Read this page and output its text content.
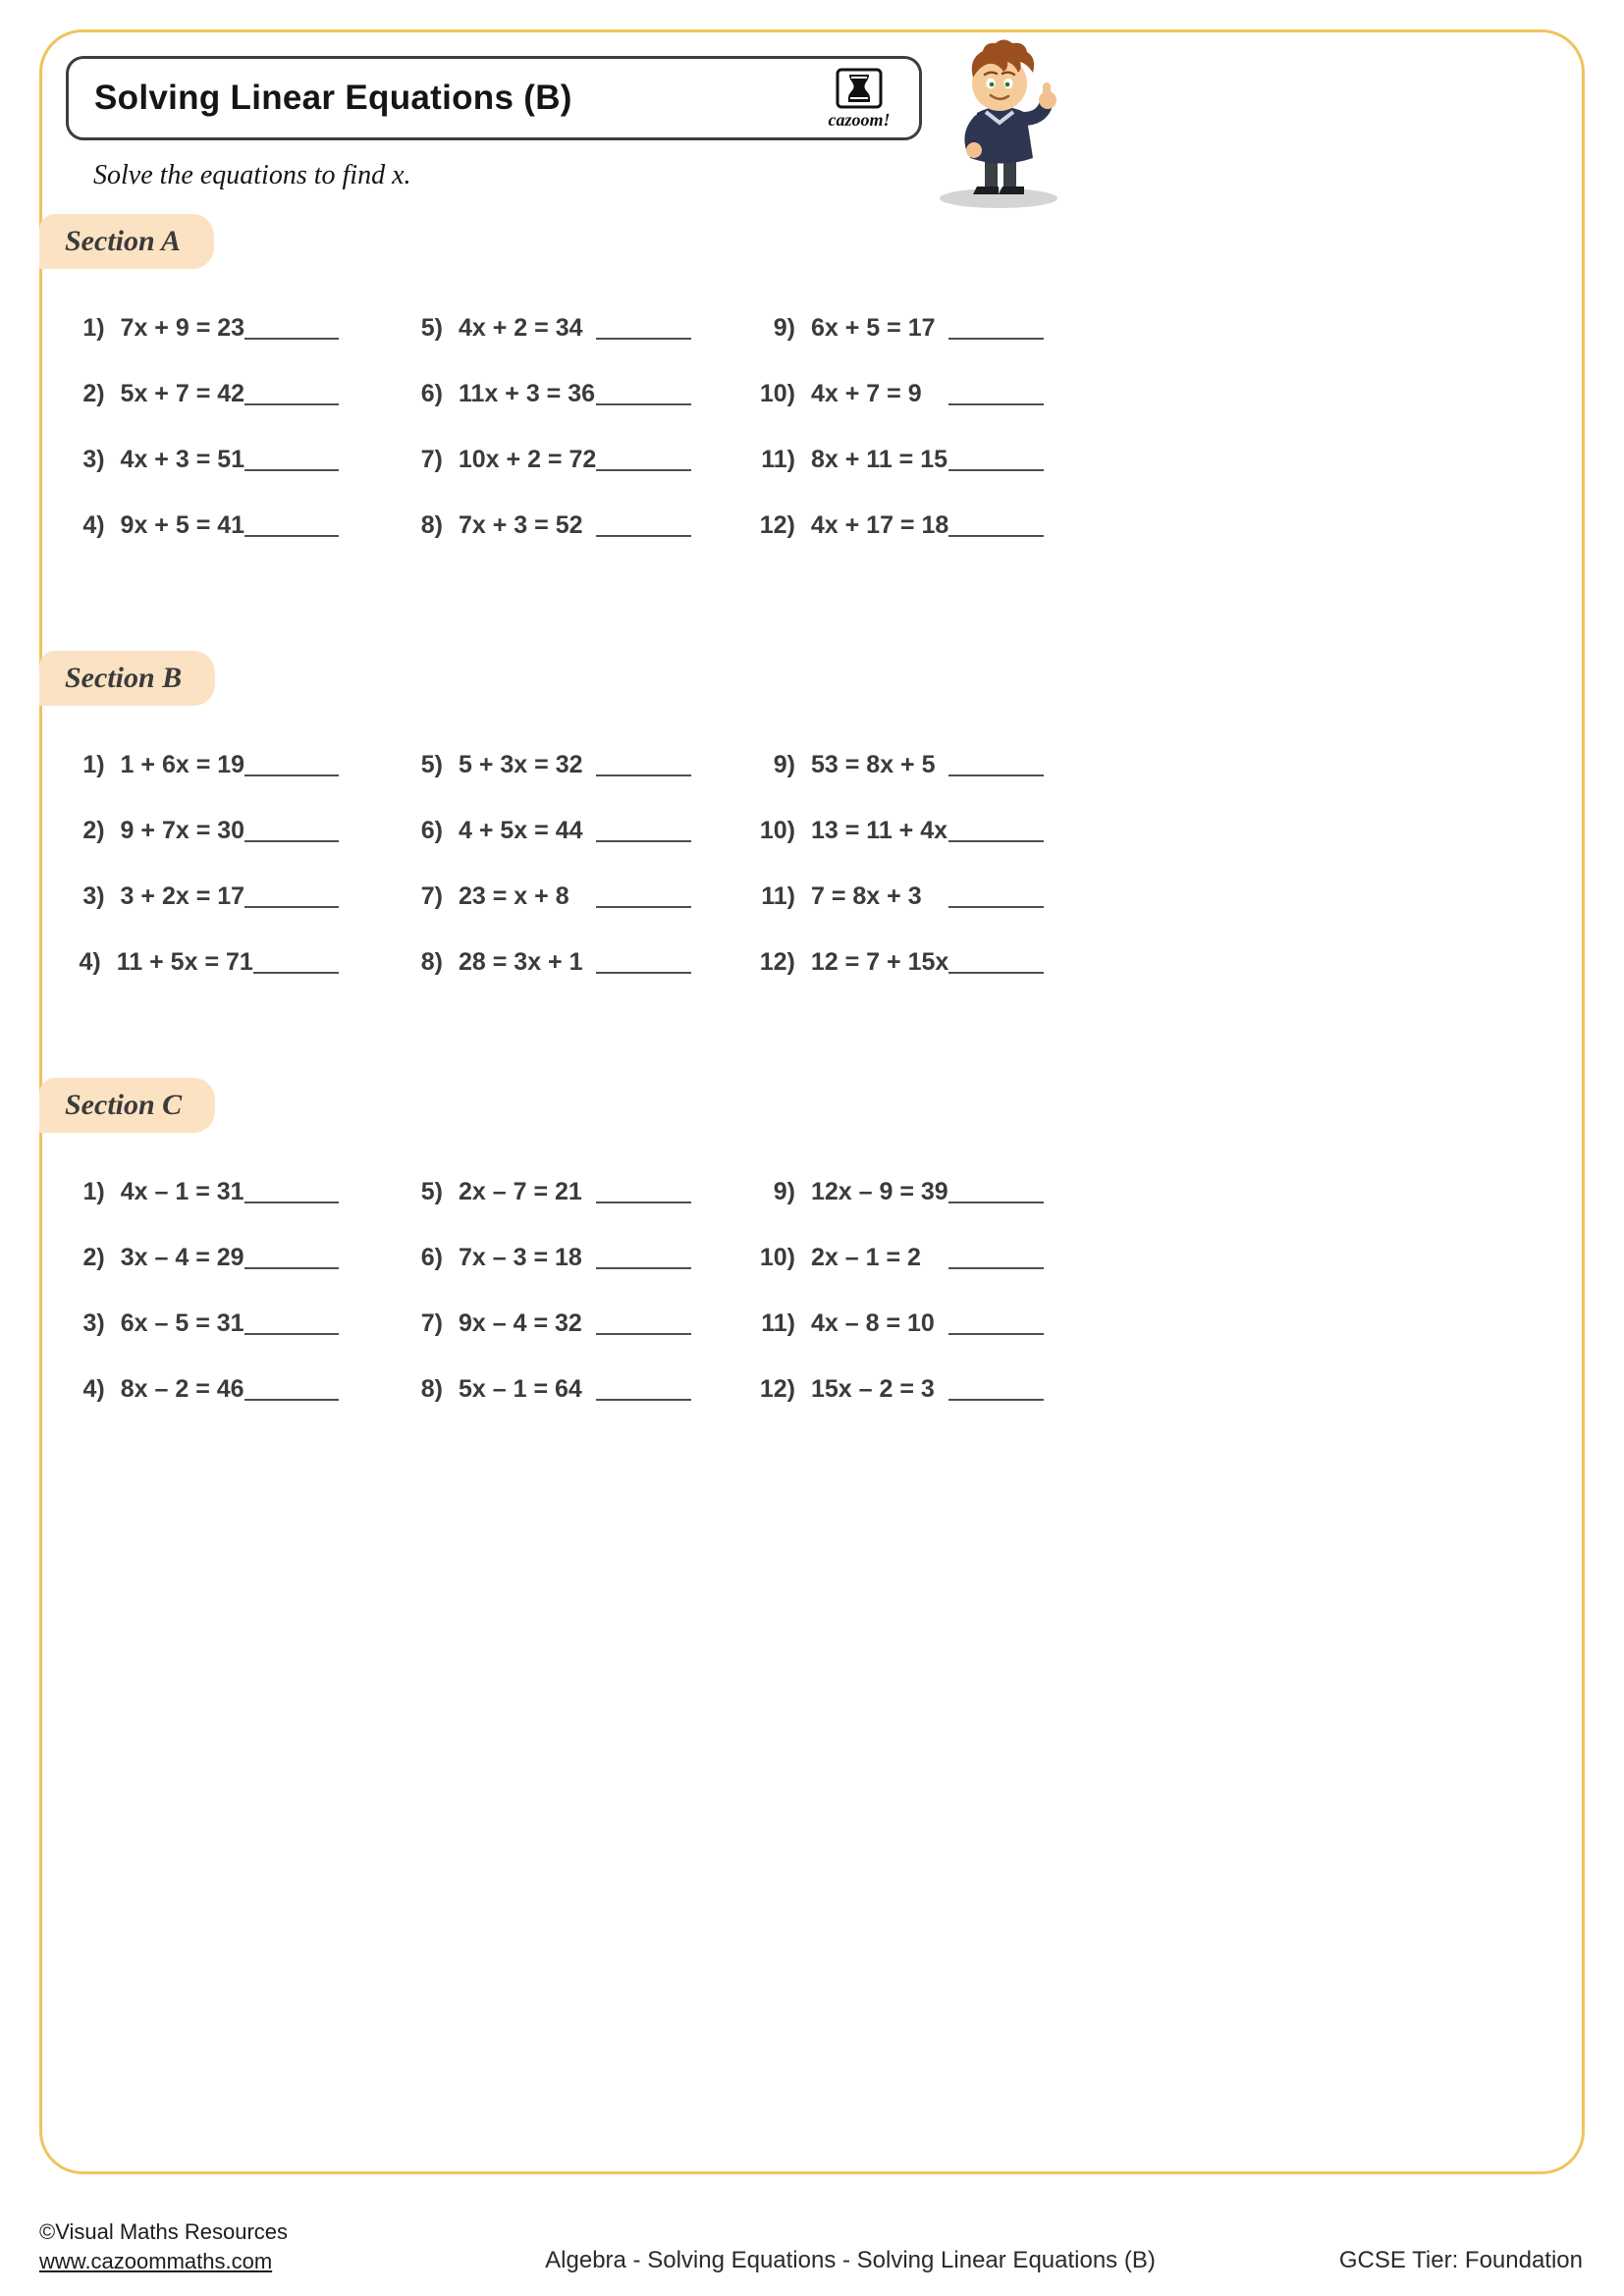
Solving Linear Equations (B)
cazoom!
Solve the equations to find x.
Section A
1) 7x + 9 = 23
2) 5x + 7 = 42
3) 4x + 3 = 51
4) 9x + 5 = 41
5) 4x + 2 = 34
6) 11x + 3 = 36
7) 10x + 2 = 72
8) 7x + 3 = 52
9) 6x + 5 = 17
10) 4x + 7 = 9
11) 8x + 11 = 15
12) 4x + 17 = 18
Section B
1) 1 + 6x = 19
2) 9 + 7x = 30
3) 3 + 2x = 17
4) 11 + 5x = 71
5) 5 + 3x = 32
6) 4 + 5x = 44
7) 23 = x + 8
8) 28 = 3x + 1
9) 53 = 8x + 5
10) 13 = 11 + 4x
11) 7 = 8x + 3
12) 12 = 7 + 15x
Section C
1) 4x – 1 = 31
2) 3x – 4 = 29
3) 6x – 5 = 31
4) 8x – 2 = 46
5) 2x – 7 = 21
6) 7x – 3 = 18
7) 9x – 4 = 32
8) 5x – 1 = 64
9) 12x – 9 = 39
10) 2x – 1 = 2
11) 4x – 8 = 10
12) 15x – 2 = 3
©Visual Maths Resources
www.cazoommaths.com	Algebra - Solving Equations - Solving Linear Equations (B)	GCSE Tier: Foundation
